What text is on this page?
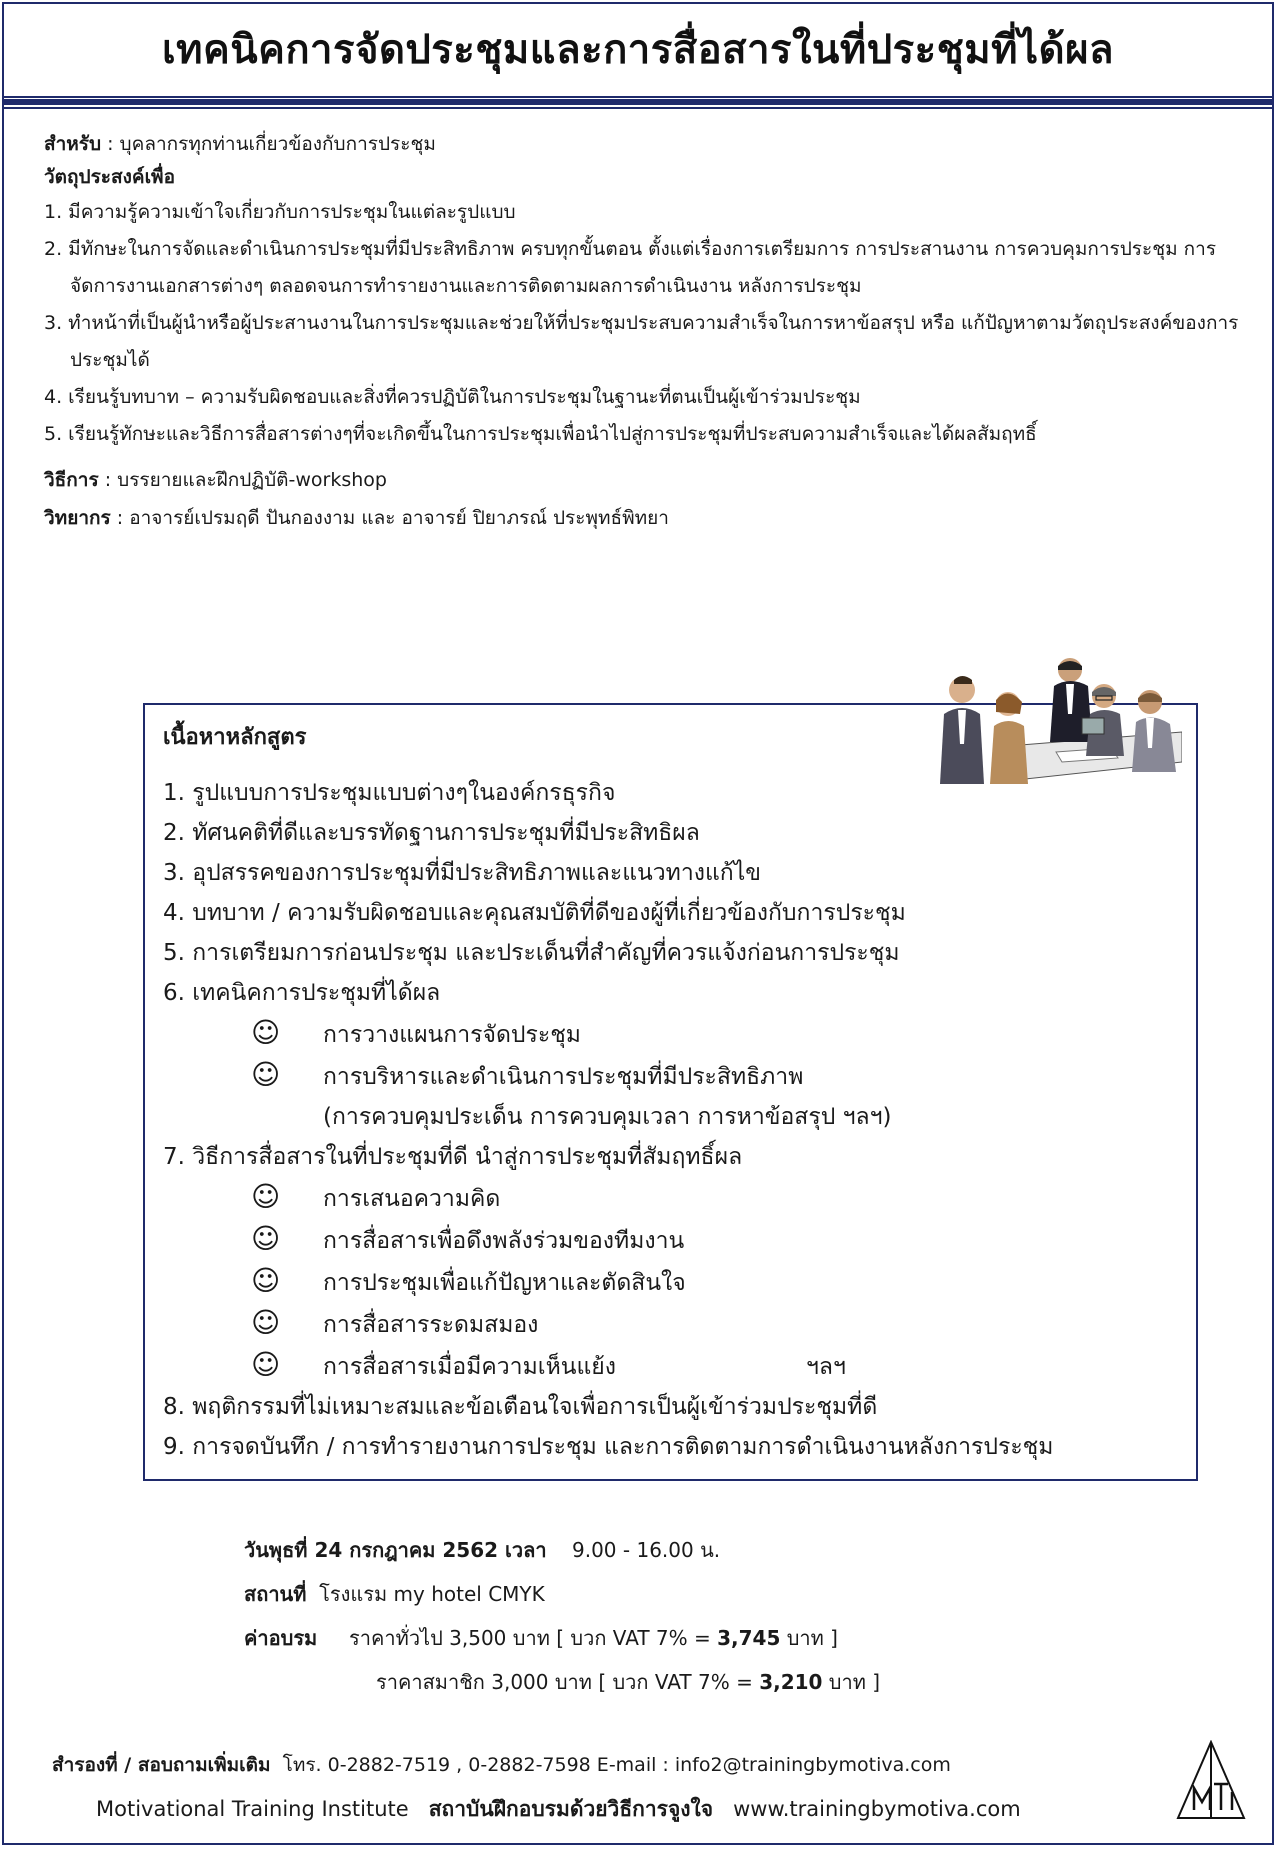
เทคนิคการจัดประชุมและการสื่อสารในที่ประชุมที่ได้ผล
สำหรับ : บุคลากรทุกท่านเกี่ยวข้องกับการประชุม
วัตถุประสงค์เพื่อ
1. มีความรู้ความเข้าใจเกี่ยวกับการประชุมในแต่ละรูปแบบ
2. มีทักษะในการจัดและดำเนินการประชุมที่มีประสิทธิภาพ ครบทุกขั้นตอน ตั้งแต่เรื่องการเตรียมการ การประสานงาน การควบคุมการประชุม การจัดการงานเอกสารต่างๆ ตลอดจนการทำรายงานและการติดตามผลการดำเนินงาน หลังการประชุม
3. ทำหน้าที่เป็นผู้นำหรือผู้ประสานงานในการประชุมและช่วยให้ที่ประชุมประสบความสำเร็จในการหาข้อสรุป หรือ แก้ปัญหาตามวัตถุประสงค์ของการประชุมได้
4. เรียนรู้บทบาท – ความรับผิดชอบและสิ่งที่ควรปฏิบัติในการประชุมในฐานะที่ตนเป็นผู้เข้าร่วมประชุม
5. เรียนรู้ทักษะและวิธีการสื่อสารต่างๆที่จะเกิดขึ้นในการประชุมเพื่อนำไปสู่การประชุมที่ประสบความสำเร็จและได้ผลสัมฤทธิ์
วิธีการ : บรรยายและฝึกปฏิบัติ-workshop
วิทยากร : อาจารย์เปรมฤดี ปันกองงาม และ อาจารย์ ปิยาภรณ์ ประพุทธ์พิทยา
เนื้อหาหลักสูตร
1. รูปแบบการประชุมแบบต่างๆในองค์กรธุรกิจ
2. ทัศนคติที่ดีและบรรทัดฐานการประชุมที่มีประสิทธิผล
3. อุปสรรคของการประชุมที่มีประสิทธิภาพและแนวทางแก้ไข
4. บทบาท / ความรับผิดชอบและคุณสมบัติที่ดีของผู้ที่เกี่ยวข้องกับการประชุม
5. การเตรียมการก่อนประชุม และประเด็นที่สำคัญที่ควรแจ้งก่อนการประชุม
6. เทคนิคการประชุมที่ได้ผล
☺ การวางแผนการจัดประชุม
☺ การบริหารและดำเนินการประชุมที่มีประสิทธิภาพ
(การควบคุมประเด็น การควบคุมเวลา การหาข้อสรุป ฯลฯ)
7. วิธีการสื่อสารในที่ประชุมที่ดี นำสู่การประชุมที่สัมฤทธิ์ผล
☺ การเสนอความคิด
☺ การสื่อสารเพื่อดึงพลังร่วมของทีมงาน
☺ การประชุมเพื่อแก้ปัญหาและตัดสินใจ
☺ การสื่อสารระดมสมอง
☺ การสื่อสารเมื่อมีความเห็นแย้ง	ฯลฯ
8. พฤติกรรมที่ไม่เหมาะสมและข้อเตือนใจเพื่อการเป็นผู้เข้าร่วมประชุมที่ดี
9. การจดบันทึก / การทำรายงานการประชุม และการติดตามการดำเนินงานหลังการประชุม
วันพุธที่ 24 กรกฎาคม 2562 เวลา 9.00 - 16.00 น.
สถานที่ โรงแรม my hotel CMYK
ค่าอบรม ราคาทั่วไป 3,500 บาท [ บวก VAT 7% = 3,745 บาท ]
ราคาสมาชิก 3,000 บาท [ บวก VAT 7% = 3,210 บาท ]
สำรองที่ / สอบถามเพิ่มเติม โทร. 0-2882-7519 , 0-2882-7598 E-mail : info2@trainingbymotiva.com
Motivational Training Institute สถาบันฝึกอบรมด้วยวิธีการจูงใจ www.trainingbymotiva.com
